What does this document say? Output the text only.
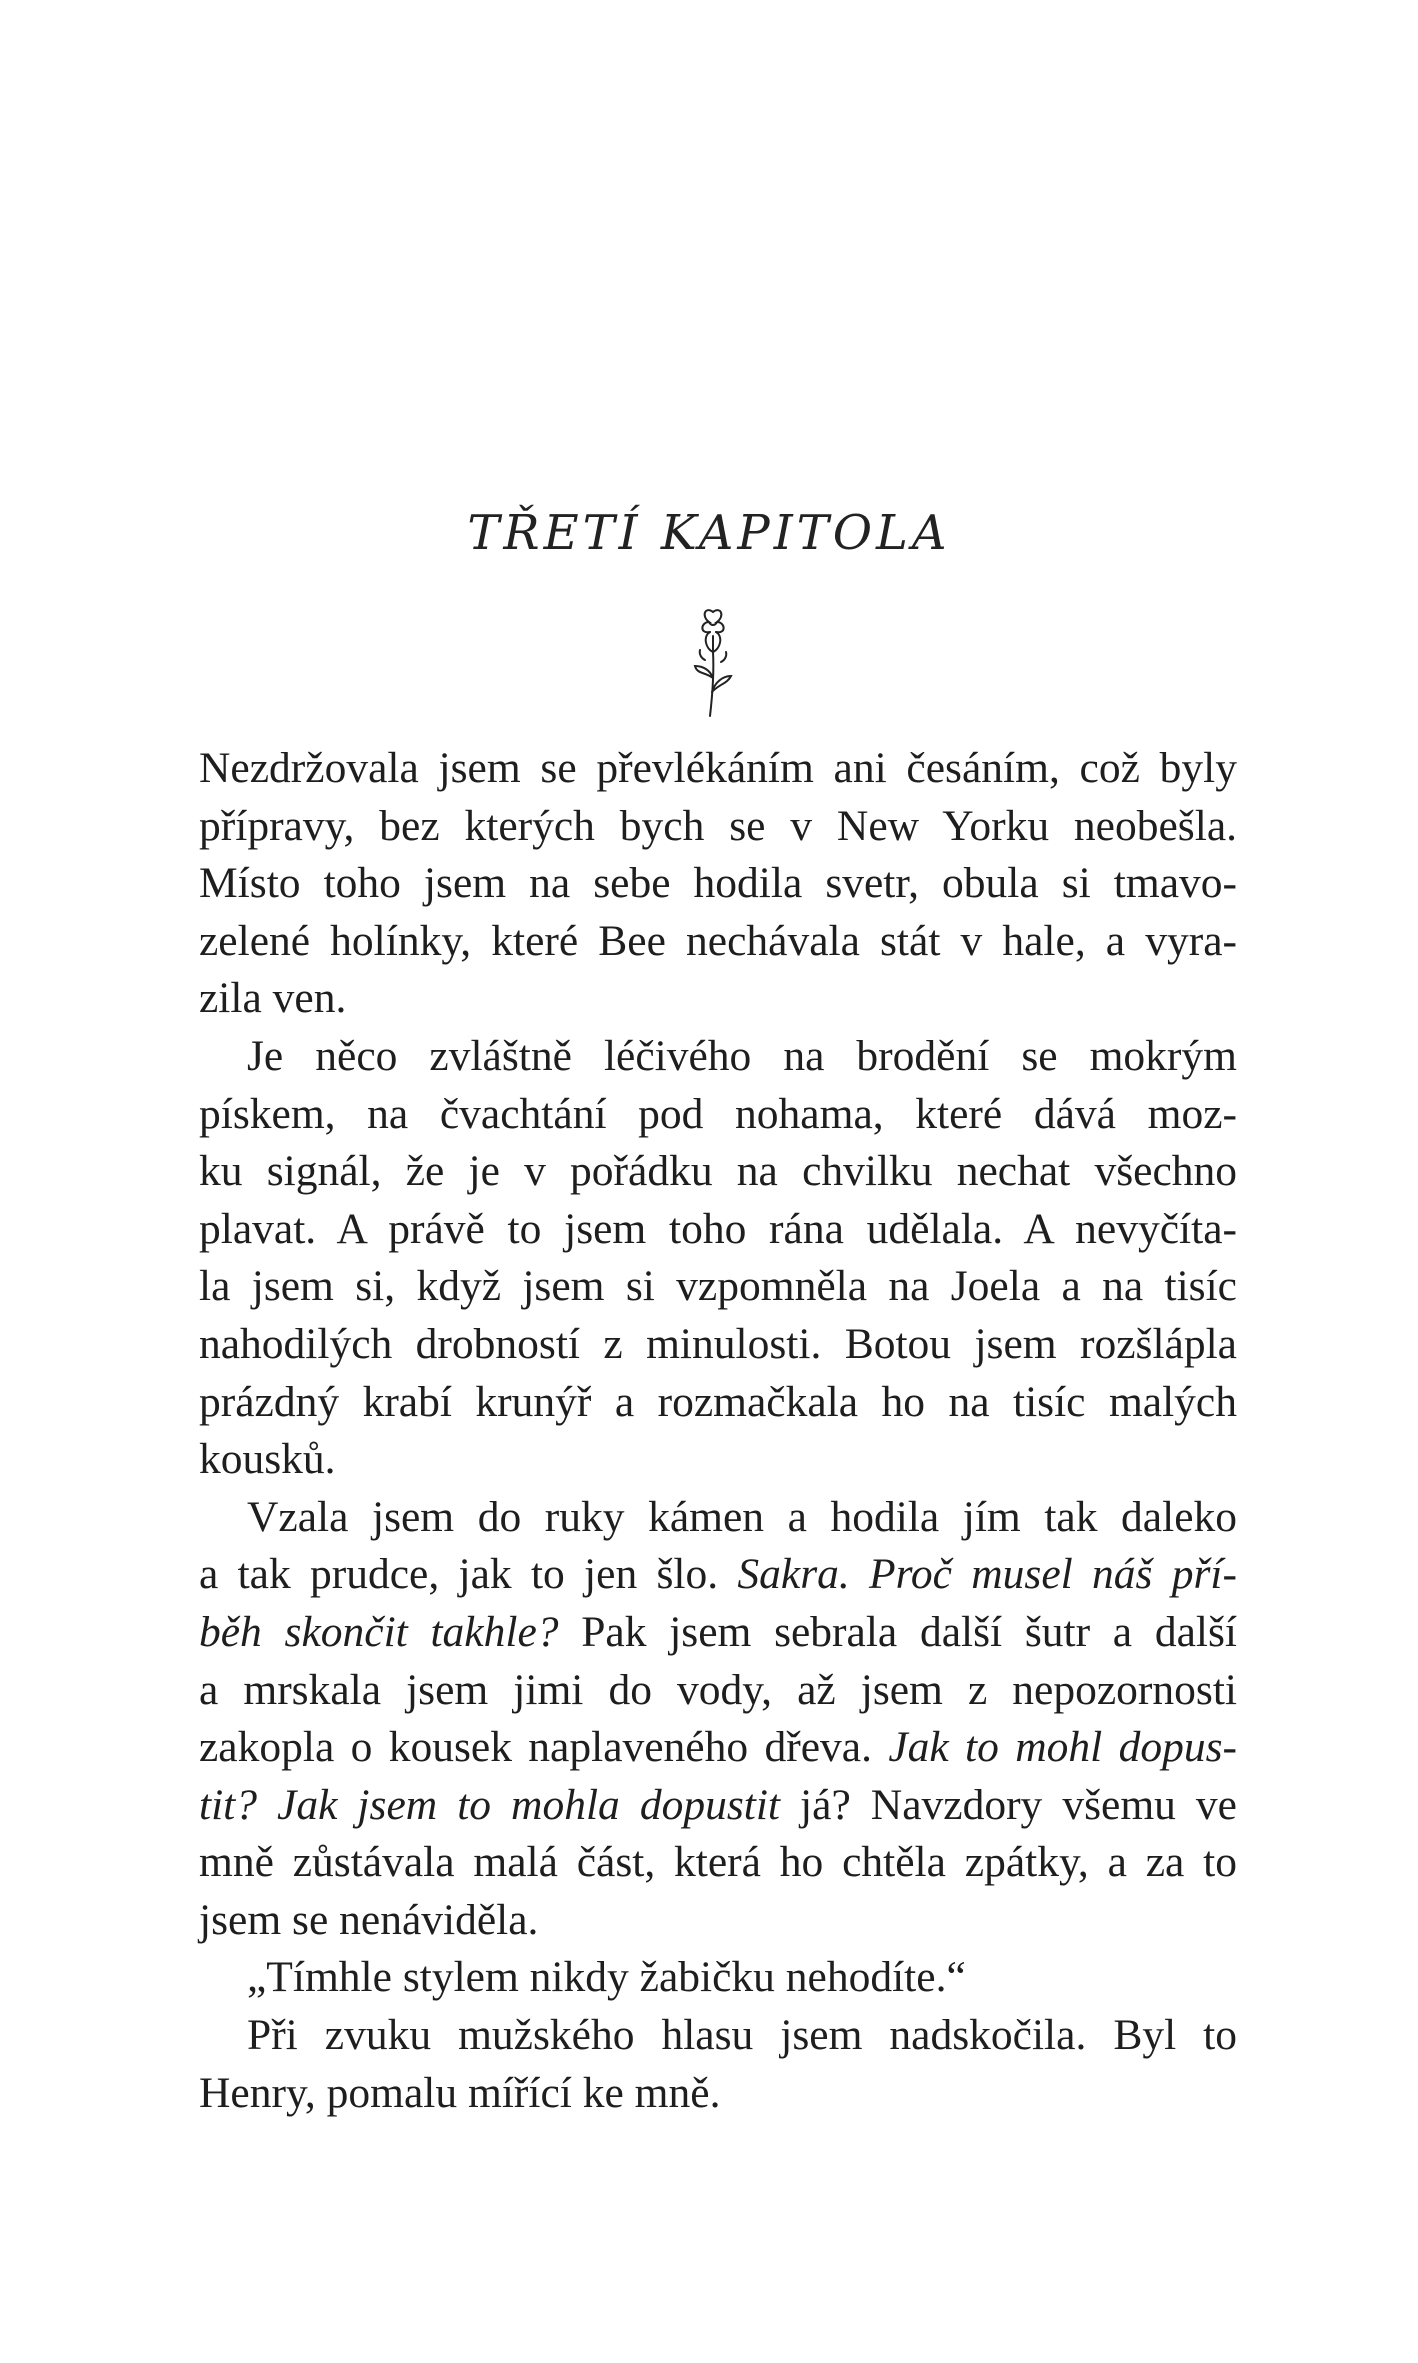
TŘETÍ KAPITOLA
Nezdržovala jsem se převlékáním ani česáním, což byly
přípravy, bez kterých bych se v New Yorku neobešla.
Místo toho jsem na sebe hodila svetr, obula si tmavo-
zelené holínky, které Bee nechávala stát v hale, a vyra-
zila ven.
Je něco zvláštně léčivého na brodění se mokrým
pískem, na čvachtání pod nohama, které dává moz-
ku signál, že je v pořádku na chvilku nechat všechno
plavat. A právě to jsem toho rána udělala. A nevyčíta-
la jsem si, když jsem si vzpomněla na Joela a na tisíc
nahodilých drobností z minulosti. Botou jsem rozšlápla
prázdný krabí krunýř a rozmačkala ho na tisíc malých
kousků.
Vzala jsem do ruky kámen a hodila jím tak daleko
a tak prudce, jak to jen šlo. Sakra. Proč musel náš pří-
běh skončit takhle? Pak jsem sebrala další šutr a další
a mrskala jsem jimi do vody, až jsem z nepozornosti
zakopla o kousek naplaveného dřeva. Jak to mohl dopus-
tit? Jak jsem to mohla dopustit já? Navzdory všemu ve
mně zůstávala malá část, která ho chtěla zpátky, a za to
jsem se nenáviděla.
„Tímhle stylem nikdy žabičku nehodíte.“
Při zvuku mužského hlasu jsem nadskočila. Byl to
Henry, pomalu mířící ke mně.
